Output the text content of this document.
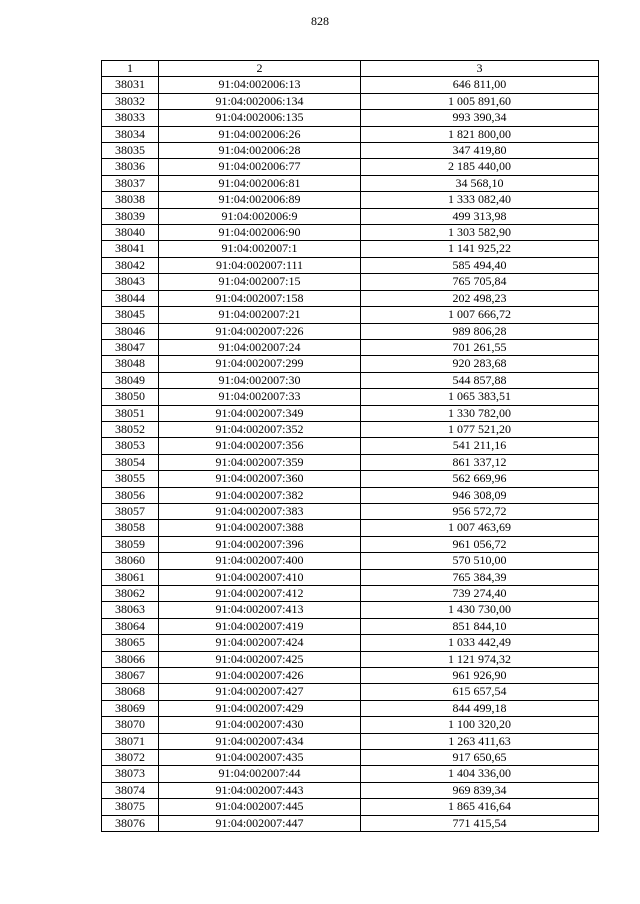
828
1	2	3
38031	91:04:002006:13	646 811,00
38032	91:04:002006:134	1 005 891,60
38033	91:04:002006:135	993 390,34
38034	91:04:002006:26	1 821 800,00
38035	91:04:002006:28	347 419,80
38036	91:04:002006:77	2 185 440,00
38037	91:04:002006:81	34 568,10
38038	91:04:002006:89	1 333 082,40
38039	91:04:002006:9	499 313,98
38040	91:04:002006:90	1 303 582,90
38041	91:04:002007:1	1 141 925,22
38042	91:04:002007:111	585 494,40
38043	91:04:002007:15	765 705,84
38044	91:04:002007:158	202 498,23
38045	91:04:002007:21	1 007 666,72
38046	91:04:002007:226	989 806,28
38047	91:04:002007:24	701 261,55
38048	91:04:002007:299	920 283,68
38049	91:04:002007:30	544 857,88
38050	91:04:002007:33	1 065 383,51
38051	91:04:002007:349	1 330 782,00
38052	91:04:002007:352	1 077 521,20
38053	91:04:002007:356	541 211,16
38054	91:04:002007:359	861 337,12
38055	91:04:002007:360	562 669,96
38056	91:04:002007:382	946 308,09
38057	91:04:002007:383	956 572,72
38058	91:04:002007:388	1 007 463,69
38059	91:04:002007:396	961 056,72
38060	91:04:002007:400	570 510,00
38061	91:04:002007:410	765 384,39
38062	91:04:002007:412	739 274,40
38063	91:04:002007:413	1 430 730,00
38064	91:04:002007:419	851 844,10
38065	91:04:002007:424	1 033 442,49
38066	91:04:002007:425	1 121 974,32
38067	91:04:002007:426	961 926,90
38068	91:04:002007:427	615 657,54
38069	91:04:002007:429	844 499,18
38070	91:04:002007:430	1 100 320,20
38071	91:04:002007:434	1 263 411,63
38072	91:04:002007:435	917 650,65
38073	91:04:002007:44	1 404 336,00
38074	91:04:002007:443	969 839,34
38075	91:04:002007:445	1 865 416,64
38076	91:04:002007:447	771 415,54
